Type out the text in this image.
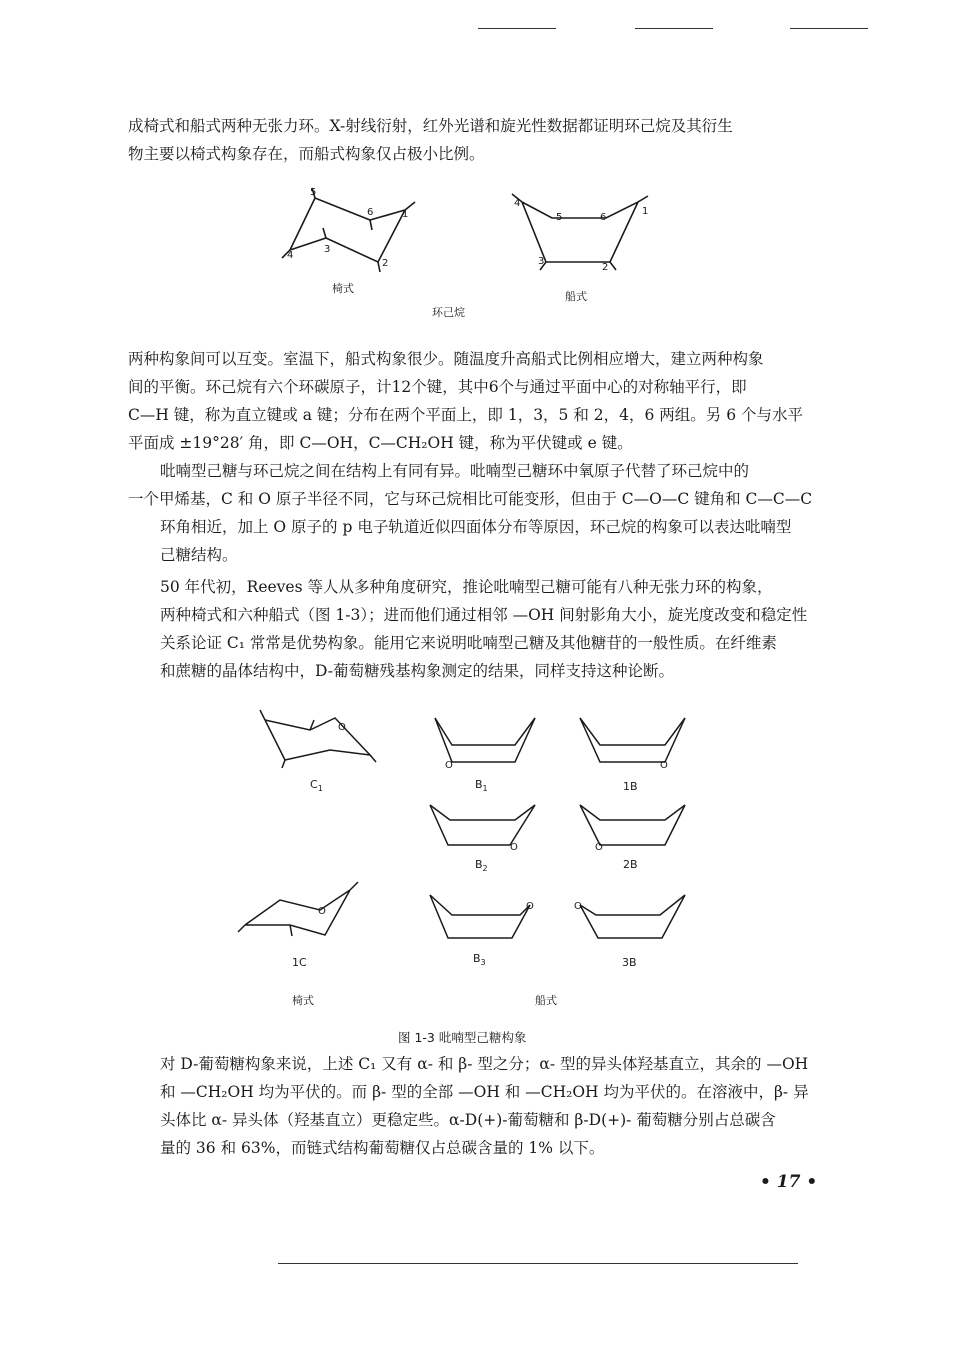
成椅式和船式两种无张力环。X-射线衍射，红外光谱和旋光性数据都证明环己烷及其衍生
物主要以椅式构象存在，而船式构象仅占极小比例。

5
6	1
2
3
4
椅式
4
5	6
1
3
2
船式
环己烷

两种构象间可以互变。室温下，船式构象很少。随温度升高船式比例相应增大，建立两种构象
间的平衡。环己烷有六个环碳原子，计12个键，其中6个与通过平面中心的对称轴平行，即
C—H 键，称为直立键或 a 键；分布在两个平面上，即 1，3，5 和 2，4，6 两组。另 6 个与水平
平面成 ±19°28′ 角，即 C—OH，C—CH₂OH 键，称为平伏键或 e 键。

吡喃型己糖与环己烷之间在结构上有同有异。吡喃型己糖环中氧原子代替了环己烷中的
一个甲烯基，C 和 O 原子半径不同，它与环己烷相比可能变形，但由于 C—O—C 键角和 C—C—C
环角相近，加上 O 原子的 p 电子轨道近似四面体分布等原因，环己烷的构象可以表达吡喃型
己糖结构。

50 年代初，Reeves 等人从多种角度研究，推论吡喃型己糖可能有八种无张力环的构象，
两种椅式和六种船式（图 1-3）；进而他们通过相邻 —OH 间射影角大小，旋光度改变和稳定性
关系论证 C₁ 常常是优势构象。能用它来说明吡喃型己糖及其他糖苷的一般性质。在纤维素
和蔗糖的晶体结构中，D-葡萄糖残基构象测定的结果，同样支持这种论断。

O
O	O
O	O
O	O	O
$C_1$	$B_1$	1B
$B_2$	2B
1C	$B_3$	3B
椅式	船式
图 1-3 吡喃型己糖构象

对 D-葡萄糖构象来说，上述 C₁ 又有 α- 和 β- 型之分；α- 型的异头体羟基直立，其余的 —OH
和 —CH₂OH 均为平伏的。而 β- 型的全部 —OH 和 —CH₂OH 均为平伏的。在溶液中，β- 异
头体比 α- 异头体（羟基直立）更稳定些。α-D(+)-葡萄糖和 β-D(+)- 葡萄糖分别占总碳含
量的 36 和 63%，而链式结构葡萄糖仅占总碳含量的 1% 以下。

• 17 •
